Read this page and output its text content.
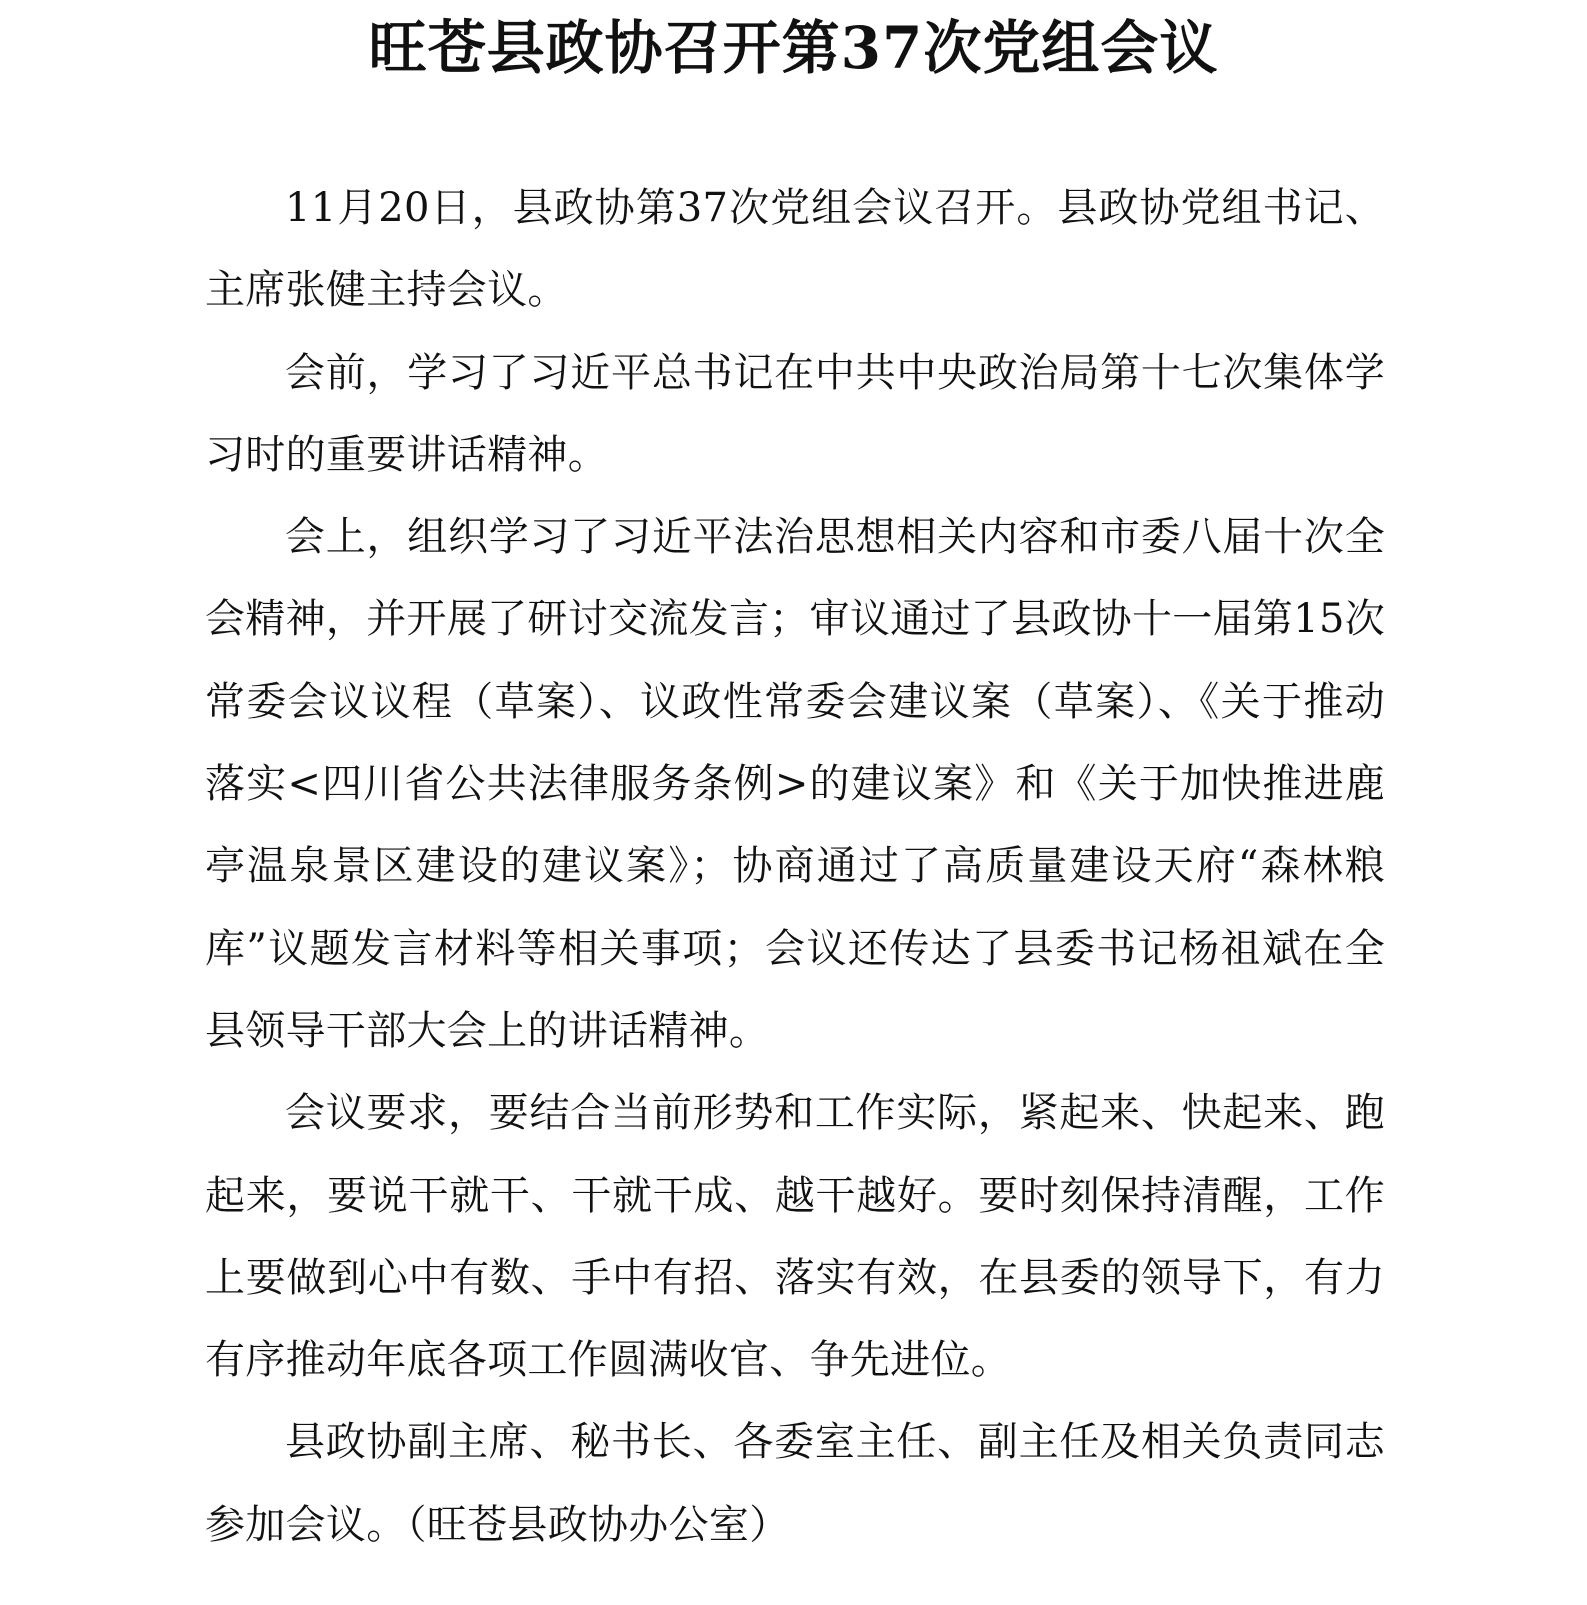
旺苍县政协召开第37次党组会议

11月20日，县政协第37次党组会议召开。县政协党组书记、主席张健主持会议。

会前，学习了习近平总书记在中共中央政治局第十七次集体学习时的重要讲话精神。

会上，组织学习了习近平法治思想相关内容和市委八届十次全会精神，并开展了研讨交流发言；审议通过了县政协十一届第15次常委会议议程（草案）、议政性常委会建议案（草案）、《关于推动落实<四川省公共法律服务条例>的建议案》和《关于加快推进鹿亭温泉景区建设的建议案》；协商通过了高质量建设天府“森林粮库”议题发言材料等相关事项；会议还传达了县委书记杨祖斌在全县领导干部大会上的讲话精神。

会议要求，要结合当前形势和工作实际，紧起来、快起来、跑起来，要说干就干、干就干成、越干越好。要时刻保持清醒，工作上要做到心中有数、手中有招、落实有效，在县委的领导下，有力有序推动年底各项工作圆满收官、争先进位。

县政协副主席、秘书长、各委室主任、副主任及相关负责同志参加会议。（旺苍县政协办公室）
